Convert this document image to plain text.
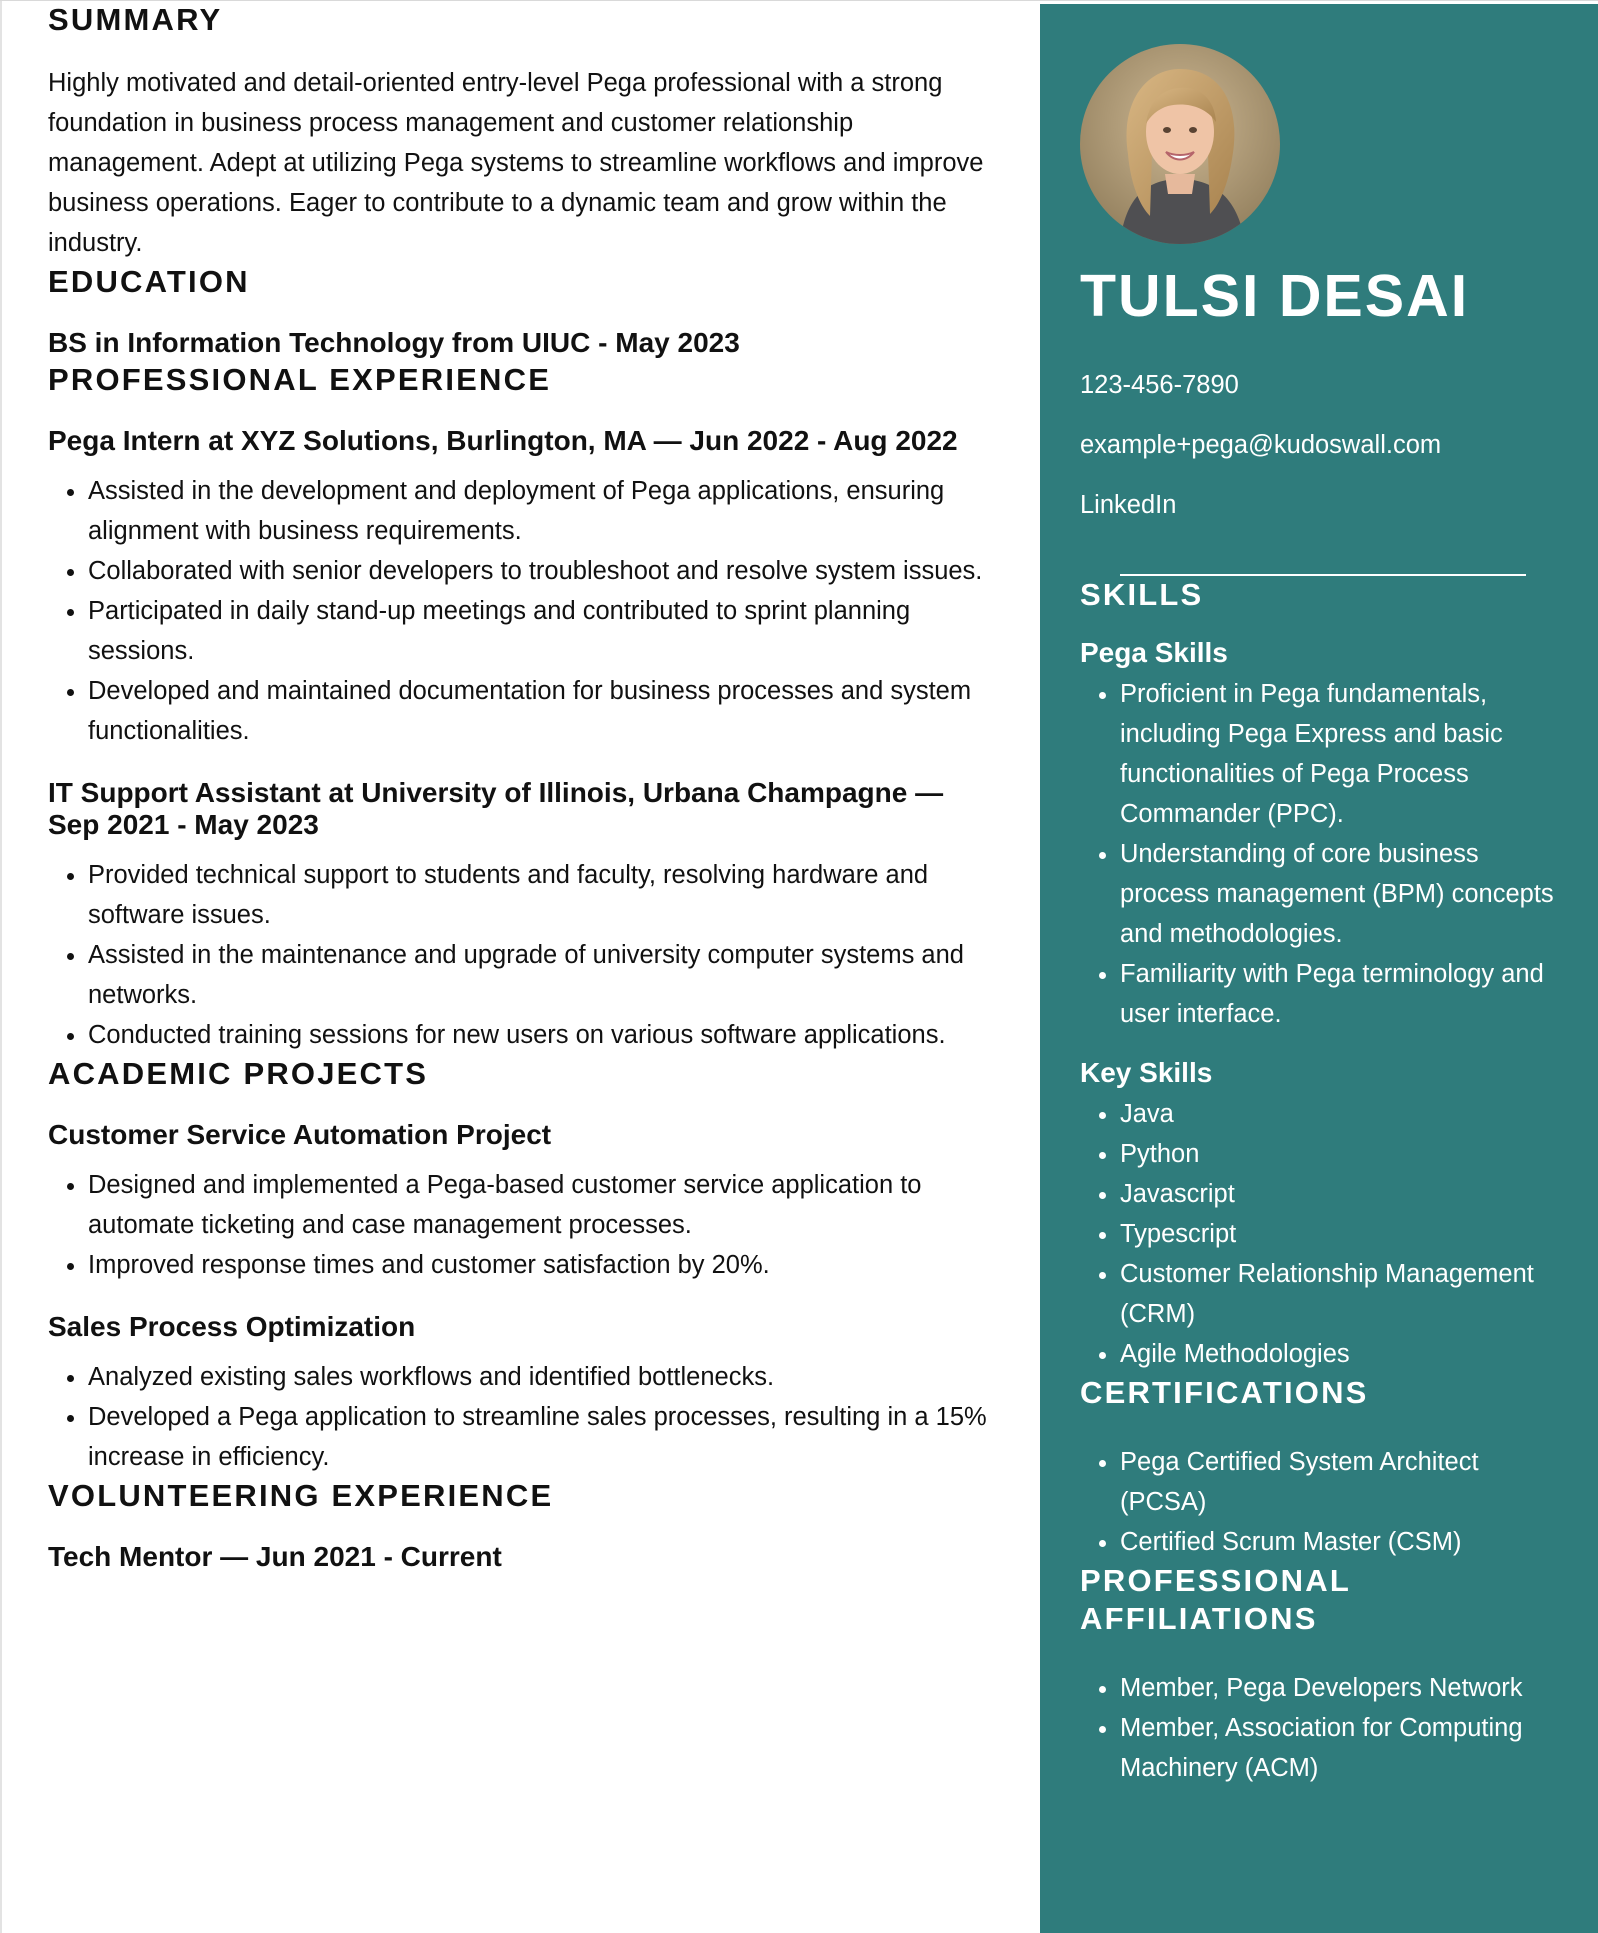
SUMMARY

Highly motivated and detail-oriented entry-level Pega professional with a strong foundation in business process management and customer relationship management. Adept at utilizing Pega systems to streamline workflows and improve business operations. Eager to contribute to a dynamic team and grow within the industry.

EDUCATION
BS in Information Technology from UIUC - May 2023
PROFESSIONAL EXPERIENCE
Pega Intern at XYZ Solutions, Burlington, MA — Jun 2022 - Aug 2022
• Assisted in the development and deployment of Pega applications, ensuring alignment with business requirements.
• Collaborated with senior developers to troubleshoot and resolve system issues.
• Participated in daily stand-up meetings and contributed to sprint planning sessions.
• Developed and maintained documentation for business processes and system functionalities.
IT Support Assistant at University of Illinois, Urbana Champagne — Sep 2021 - May 2023
• Provided technical support to students and faculty, resolving hardware and software issues.
• Assisted in the maintenance and upgrade of university computer systems and networks.
• Conducted training sessions for new users on various software applications.
ACADEMIC PROJECTS
Customer Service Automation Project
• Designed and implemented a Pega-based customer service application to automate ticketing and case management processes.
• Improved response times and customer satisfaction by 20%.
Sales Process Optimization
• Analyzed existing sales workflows and identified bottlenecks.
• Developed a Pega application to streamline sales processes, resulting in a 15% increase in efficiency.
VOLUNTEERING EXPERIENCE
Tech Mentor — Jun 2021 - Current
TULSI DESAI
123-456-7890
example+pega@kudoswall.com
LinkedIn
SKILLS
Pega Skills
• Proficient in Pega fundamentals, including Pega Express and basic functionalities of Pega Process Commander (PPC).
• Understanding of core business process management (BPM) concepts and methodologies.
• Familiarity with Pega terminology and user interface.
Key Skills
• Java
• Python
• Javascript
• Typescript
• Customer Relationship Management (CRM)
• Agile Methodologies
CERTIFICATIONS
• Pega Certified System Architect (PCSA)
• Certified Scrum Master (CSM)
PROFESSIONAL AFFILIATIONS
• Member, Pega Developers Network
• Member, Association for Computing Machinery (ACM)
